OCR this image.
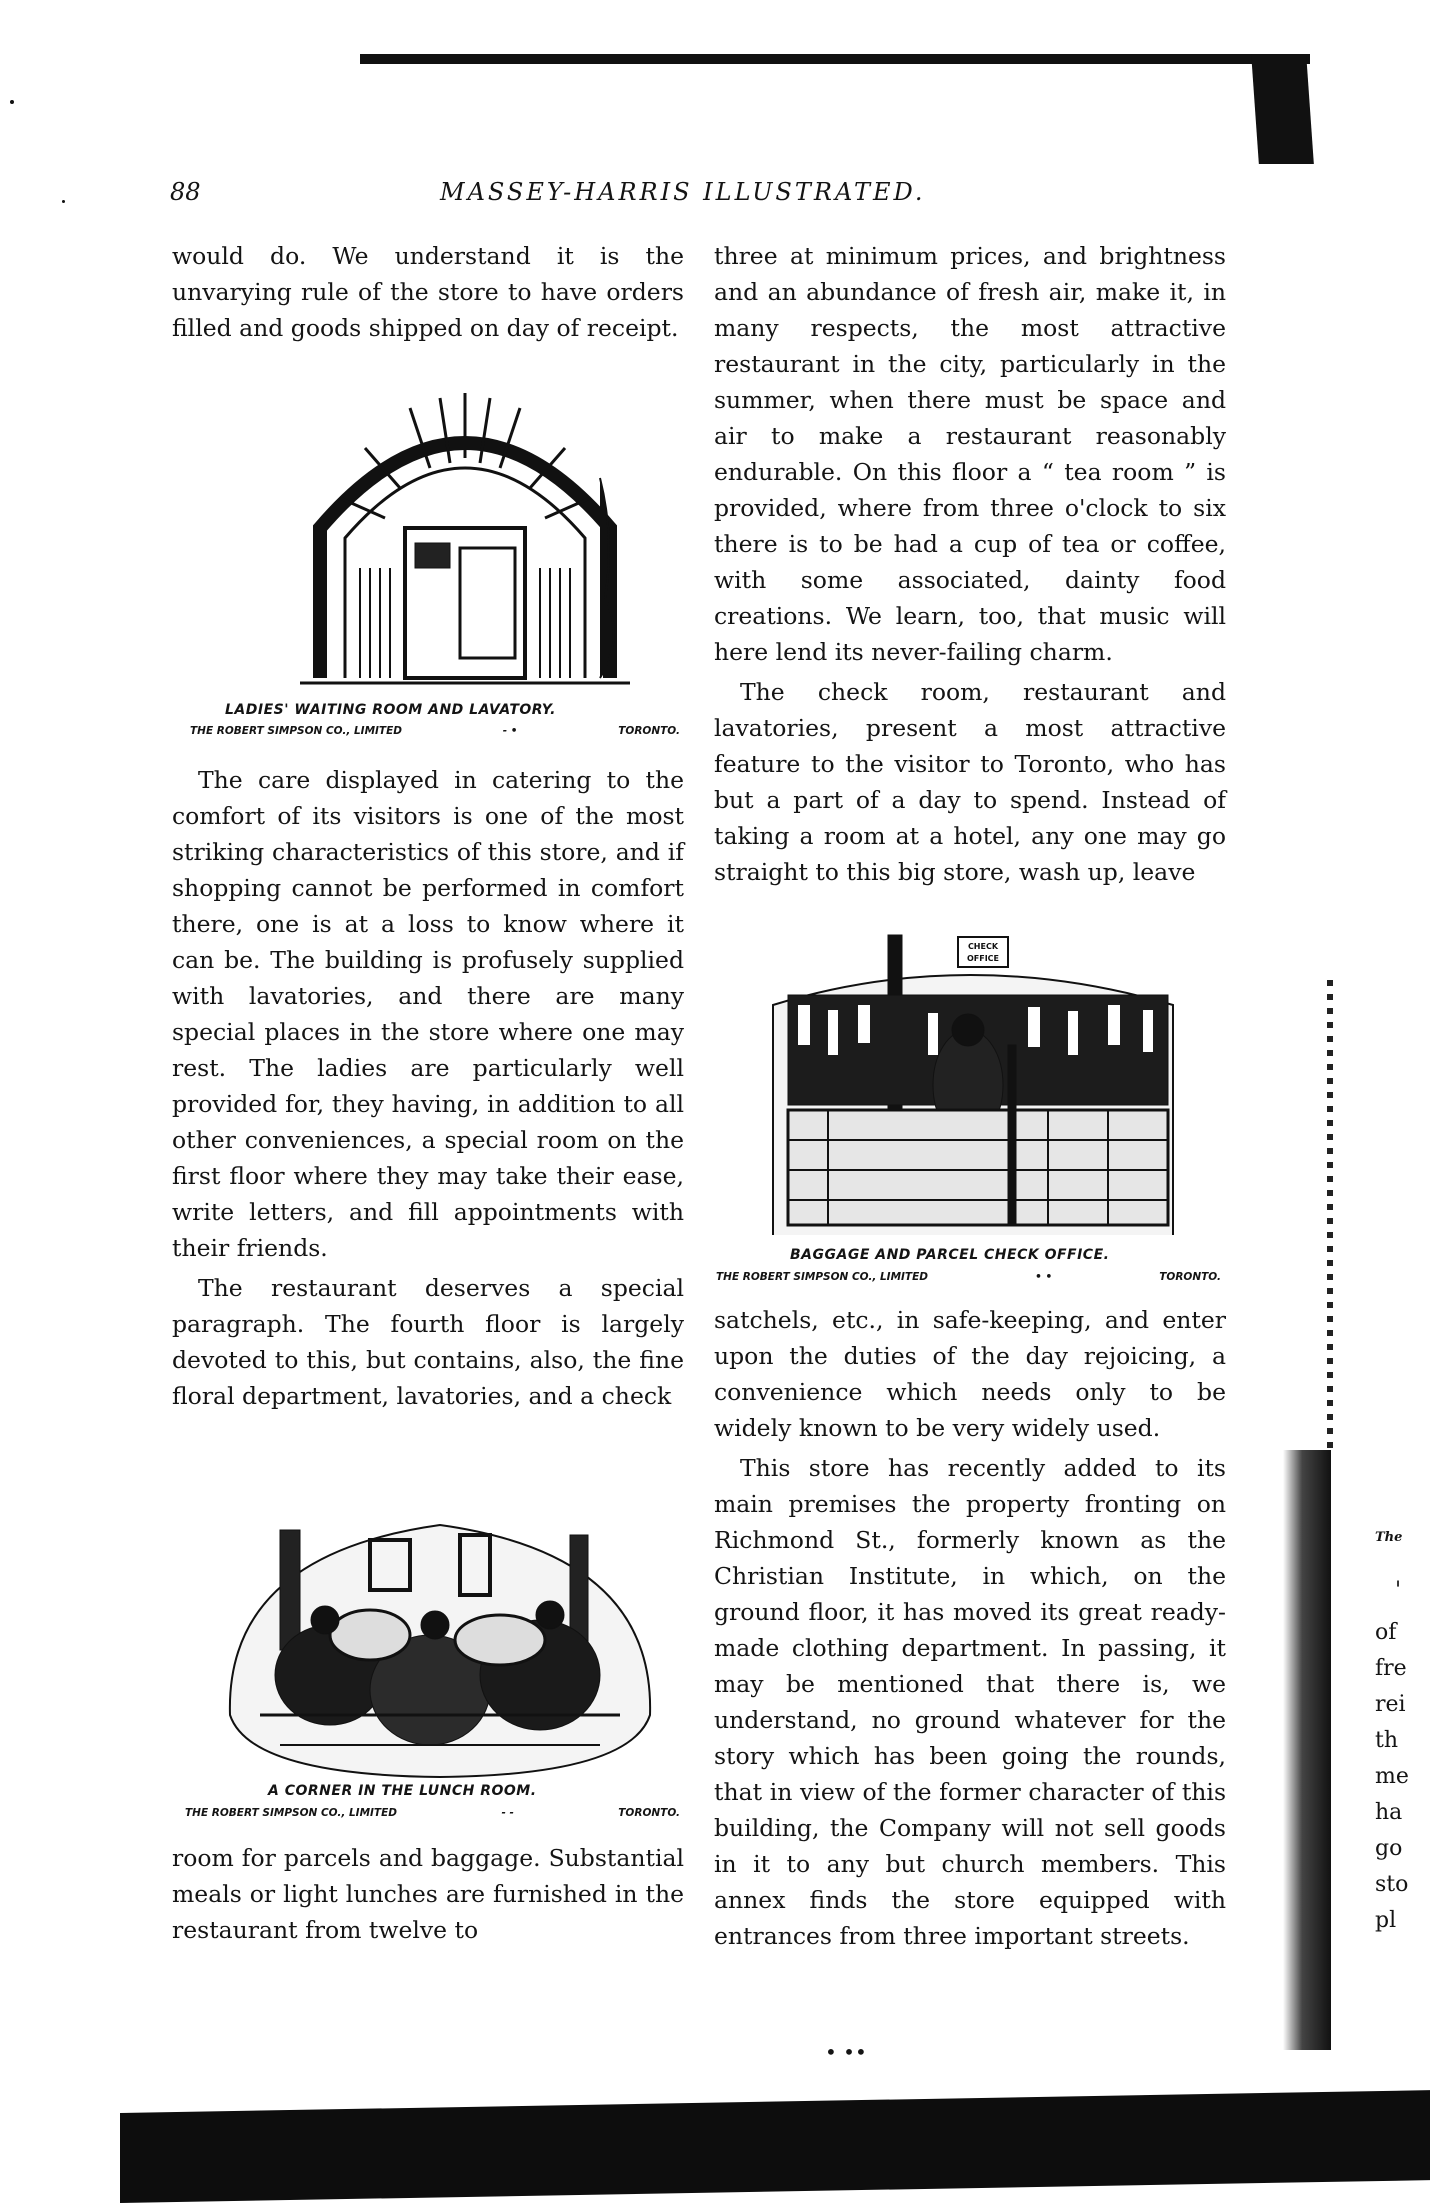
88	MASSEY-HARRIS ILLUSTRATED.

would do. We understand it is the unvarying rule of the store to have orders filled and goods shipped on day of receipt.

LADIES' WAITING ROOM AND LAVATORY.
THE ROBERT SIMPSON CO., LIMITED	- •	TORONTO.

The care displayed in catering to the comfort of its visitors is one of the most striking characteristics of this store, and if shopping cannot be performed in comfort there, one is at a loss to know where it can be. The building is profusely supplied with lavatories, and there are many special places in the store where one may rest. The ladies are particularly well provided for, they having, in addition to all other conveniences, a special room on the first floor where they may take their ease, write letters, and fill appointments with their friends.

The restaurant deserves a special paragraph. The fourth floor is largely devoted to this, but contains, also, the fine floral department, lavatories, and a check

A CORNER IN THE LUNCH ROOM.
THE ROBERT SIMPSON CO., LIMITED	- -	TORONTO.

room for parcels and baggage. Substantial meals or light lunches are furnished in the restaurant from twelve to

three at minimum prices, and brightness and an abundance of fresh air, make it, in many respects, the most attractive restaurant in the city, particularly in the summer, when there must be space and air to make a restaurant reasonably endurable. On this floor a “ tea room ” is provided, where from three o'clock to six there is to be had a cup of tea or coffee, with some associated, dainty food creations. We learn, too, that music will here lend its never-failing charm.

The check room, restaurant and lavatories, present a most attractive feature to the visitor to Toronto, who has but a part of a day to spend. Instead of taking a room at a hotel, any one may go straight to this big store, wash up, leave

CHECK
OFFICE
BAGGAGE AND PARCEL CHECK OFFICE.
THE ROBERT SIMPSON CO., LIMITED	• •	TORONTO.

satchels, etc., in safe-keeping, and enter upon the duties of the day rejoicing, a convenience which needs only to be widely known to be very widely used.

This store has recently added to its main premises the property fronting on Richmond St., formerly known as the Christian Institute, in which, on the ground floor, it has moved its great ready-made clothing department. In passing, it may be mentioned that there is, we understand, no ground whatever for the story which has been going the rounds, that in view of the former character of this building, the Company will not sell goods in it to any but church members. This annex finds the store equipped with entrances from three important streets.

The
'
of
fre
rei
th
me
ha
go
sto
pl
• ••
